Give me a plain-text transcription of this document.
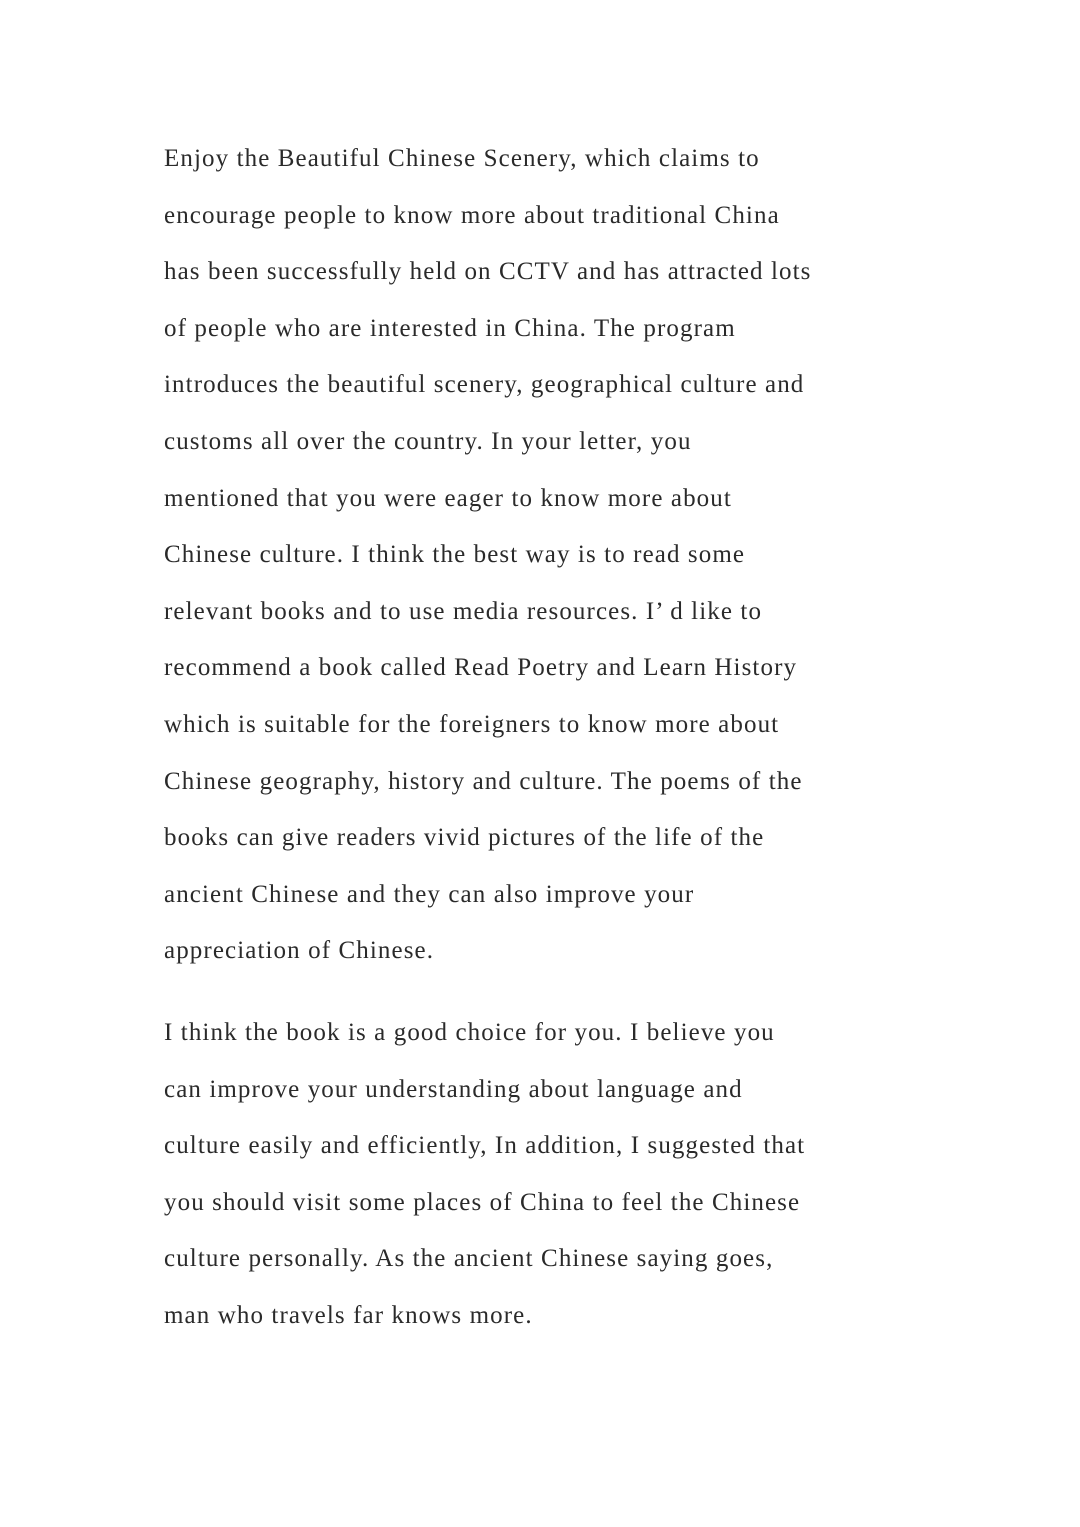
Enjoy the Beautiful Chinese Scenery, which claims to
encourage people to know more about traditional China
has been successfully held on CCTV and has attracted lots
of people who are interested in China. The program
introduces the beautiful scenery, geographical culture and
customs all over the country. In your letter, you
mentioned that you were eager to know more about
Chinese culture. I think the best way is to read some
relevant books and to use media resources. I’ d like to
recommend a book called Read Poetry and Learn History
which is suitable for the foreigners to know more about
Chinese geography, history and culture. The poems of the
books can give readers vivid pictures of the life of the
ancient Chinese and they can also improve your
appreciation of Chinese.

I think the book is a good choice for you. I believe you
can improve your understanding about language and
culture easily and efficiently, In addition, I suggested that
you should visit some places of China to feel the Chinese
culture personally. As the ancient Chinese saying goes,
man who travels far knows more.
